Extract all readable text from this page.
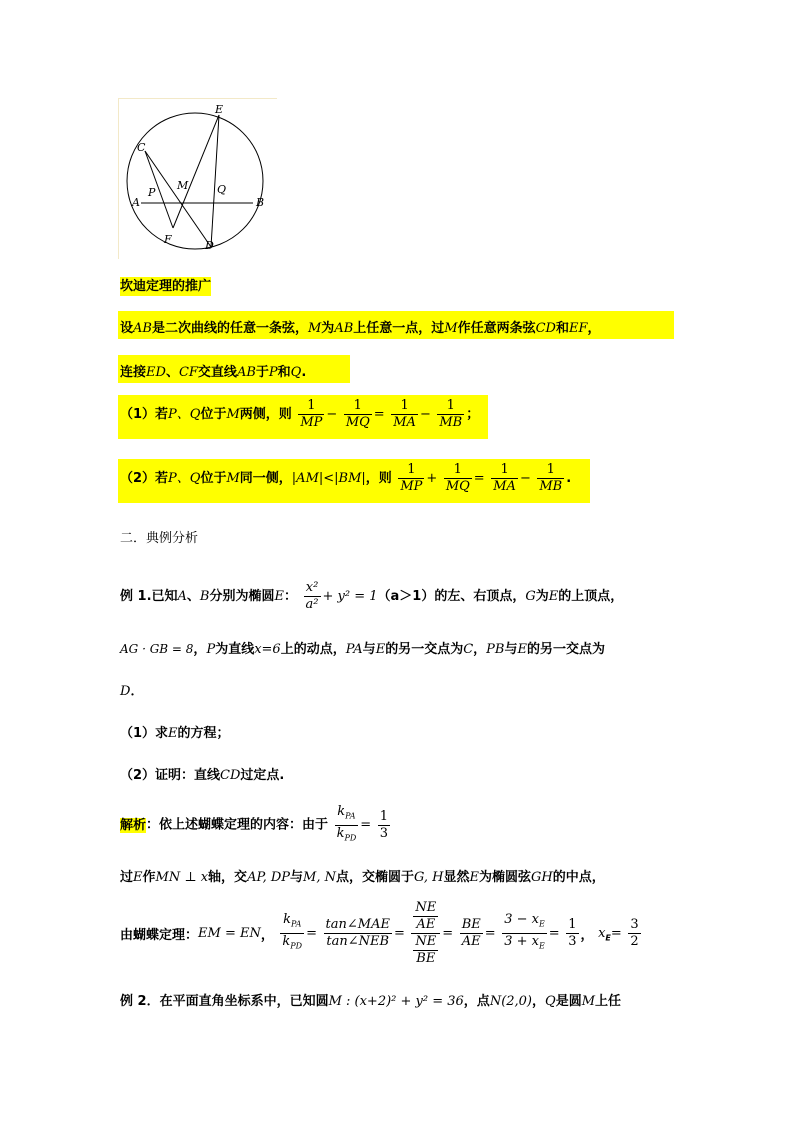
E
C
M
P	Q
A	B
F	D
坎迪定理的推广
设AB是二次曲线的任意一条弦，M为AB上任意一点，过M作任意两条弦CD和EF，
连接ED、CF交直线AB于P和Q.
（1）若P、Q位于M两侧，则 $\frac{1}{MP} - \frac{1}{MQ} = \frac{1}{MA} - \frac{1}{MB}$ ；
（2）若P、Q位于M同一侧，|AM|<|BM|，则 $\frac{1}{MP} + \frac{1}{MQ} = \frac{1}{MA} - \frac{1}{MB}$ .
二．典例分析
例 1.已知A、B分别为椭圆E： $\frac{\text{x²}}{\text{a²}} + y^2 = 1(a>1)$的左、右顶点，G为E的上顶点，
AG · GB = 8，P为直线x=6上的动点，PA与E的另一交点为C，PB与E的另一交点为
D．
（1）求E的方程；
（2）证明：直线CD过定点.
解析：依上述蝴蝶定理的内容：由于 $\frac{k_{PA}}{k_{PD}} = \frac{1}{3}$
过E作MN ⊥ x轴，交AP, DP与M, N点，交椭圆于G, H显然E为椭圆弦GH的中点，
由蝴蝶定理：EM = EN， $\frac{k_{PA}}{k_{PD}} = \frac{\text{tan∠MAE}}{\text{tan∠NEB}} = \frac{\frac{NE}{AE}}{\frac{NE}{BE}} = \frac{BE}{AE} = \frac{3 - x_E}{3 + x_E} = \frac{1}{3}$ ， $x_E= \frac{3}{2}$
例 2．在平面直角坐标系中，已知圆M : (x+2)² + y² = 36，点N(2,0)，Q是圆M上任
